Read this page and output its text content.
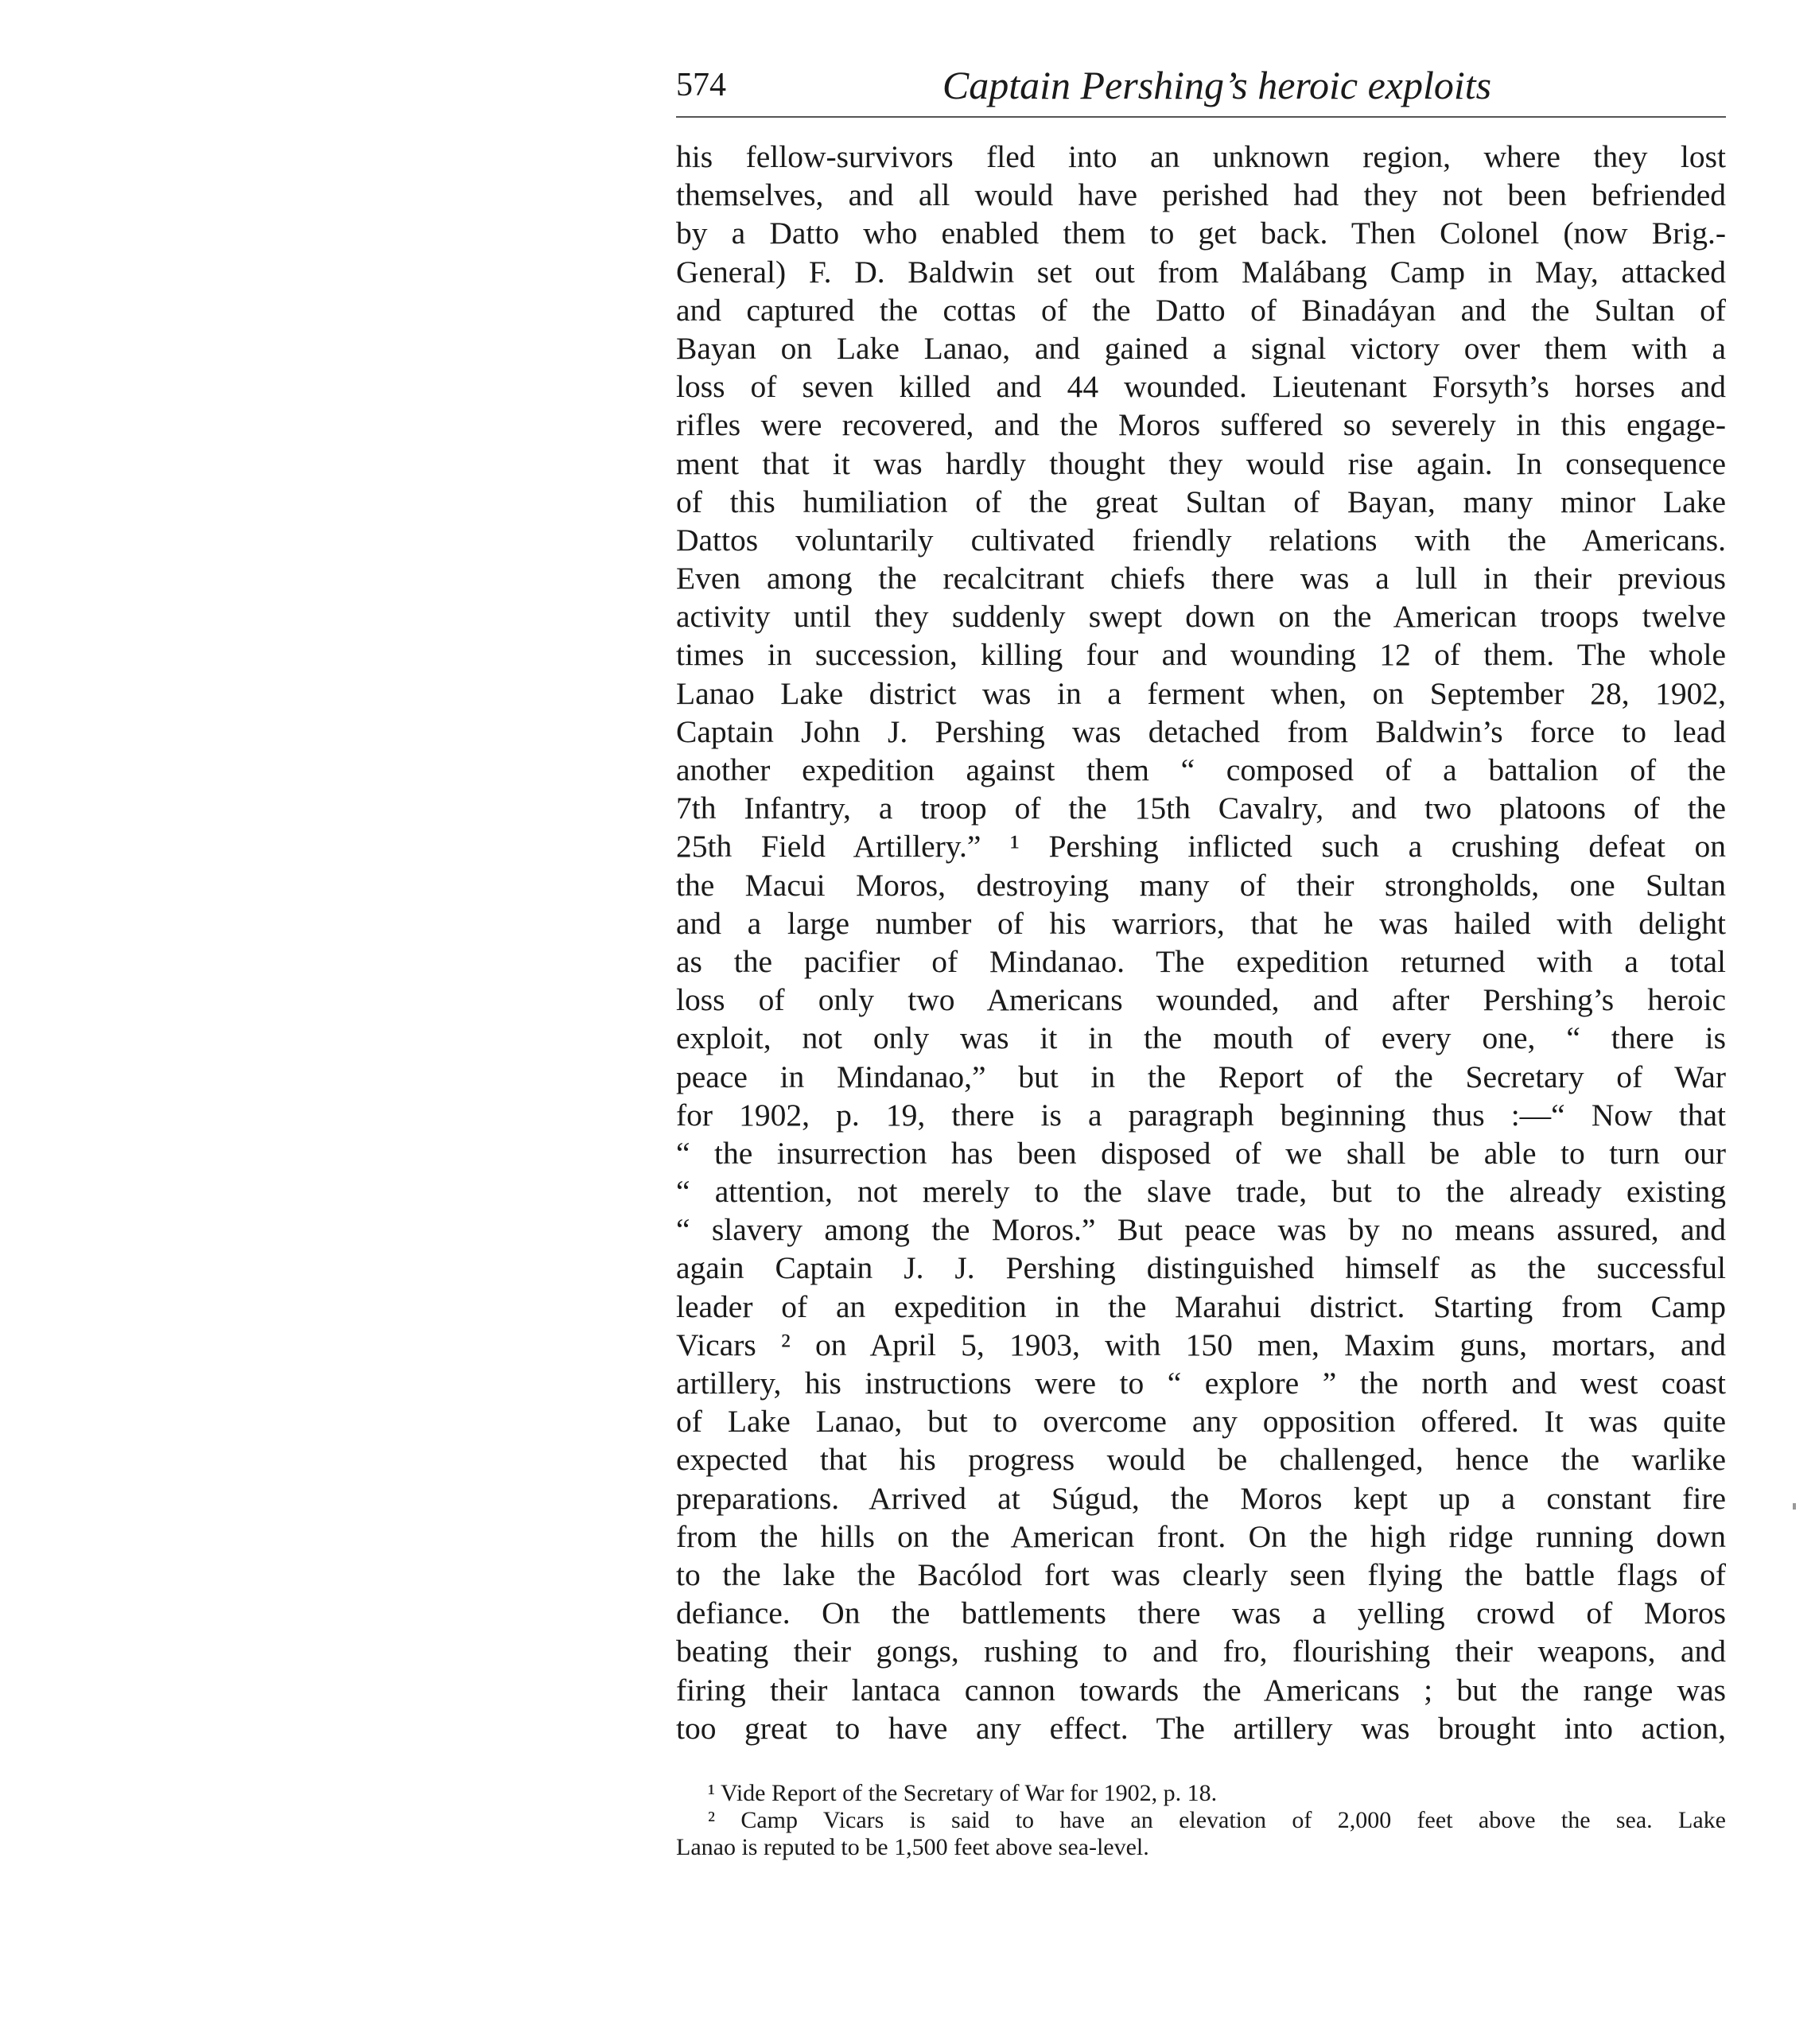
574	Captain Pershing’s heroic exploits
his fellow-survivors fled into an unknown region, where they lost
themselves, and all would have perished had they not been befriended
by a Datto who enabled them to get back. Then Colonel (now Brig.-
General) F. D. Baldwin set out from Malábang Camp in May, attacked
and captured the cottas of the Datto of Binadáyan and the Sultan of
Bayan on Lake Lanao, and gained a signal victory over them with a
loss of seven killed and 44 wounded. Lieutenant Forsyth’s horses and
rifles were recovered, and the Moros suffered so severely in this engage-
ment that it was hardly thought they would rise again. In consequence
of this humiliation of the great Sultan of Bayan, many minor Lake
Dattos voluntarily cultivated friendly relations with the Americans.
Even among the recalcitrant chiefs there was a lull in their previous
activity until they suddenly swept down on the American troops twelve
times in succession, killing four and wounding 12 of them. The whole
Lanao Lake district was in a ferment when, on September 28, 1902,
Captain John J. Pershing was detached from Baldwin’s force to lead
another expedition against them “ composed of a battalion of the
7th Infantry, a troop of the 15th Cavalry, and two platoons of the
25th Field Artillery.” ¹ Pershing inflicted such a crushing defeat on
the Macui Moros, destroying many of their strongholds, one Sultan
and a large number of his warriors, that he was hailed with delight
as the pacifier of Mindanao. The expedition returned with a total
loss of only two Americans wounded, and after Pershing’s heroic
exploit, not only was it in the mouth of every one, “ there is
peace in Mindanao,” but in the Report of the Secretary of War
for 1902, p. 19, there is a paragraph beginning thus :—“ Now that
“ the insurrection has been disposed of we shall be able to turn our
“ attention, not merely to the slave trade, but to the already existing
“ slavery among the Moros.” But peace was by no means assured, and
again Captain J. J. Pershing distinguished himself as the successful
leader of an expedition in the Marahui district. Starting from Camp
Vicars ² on April 5, 1903, with 150 men, Maxim guns, mortars, and
artillery, his instructions were to “ explore ” the north and west coast
of Lake Lanao, but to overcome any opposition offered. It was quite
expected that his progress would be challenged, hence the warlike
preparations. Arrived at Súgud, the Moros kept up a constant fire
from the hills on the American front. On the high ridge running down
to the lake the Bacólod fort was clearly seen flying the battle flags of
defiance. On the battlements there was a yelling crowd of Moros
beating their gongs, rushing to and fro, flourishing their weapons, and
firing their lantaca cannon towards the Americans ; but the range was
too great to have any effect. The artillery was brought into action,
¹ Vide Report of the Secretary of War for 1902, p. 18.
² Camp Vicars is said to have an elevation of 2,000 feet above the sea. Lake
Lanao is reputed to be 1,500 feet above sea-level.
